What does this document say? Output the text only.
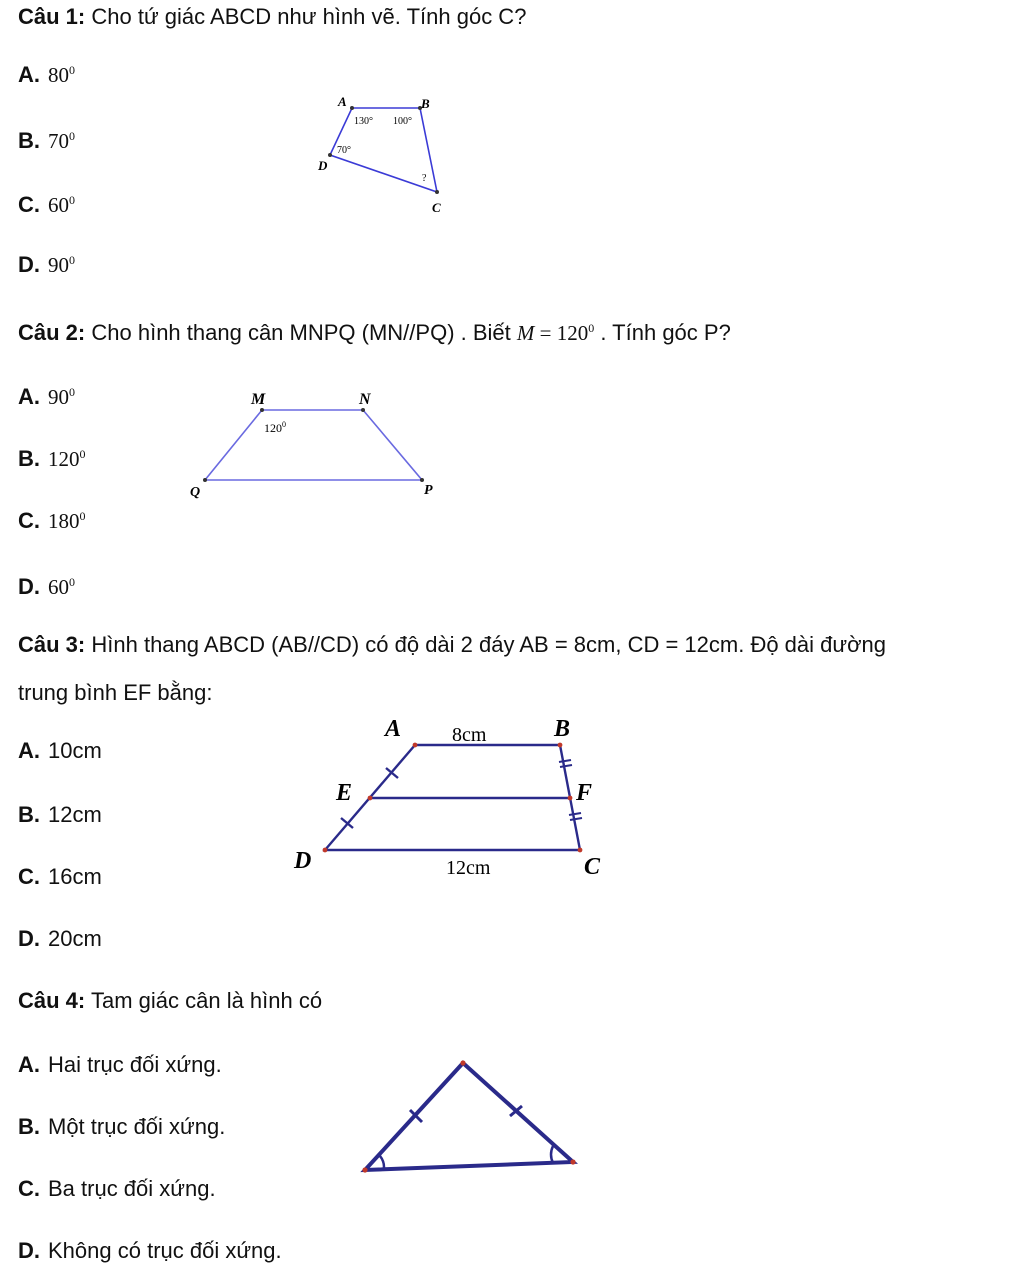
Câu 1: Cho tứ giác ABCD như hình vẽ. Tính góc C?
A. $80^0$
B. $70^0$
C. $60^0$
D. $90^0$
A	B
C
D
130° 100°
70°
?
Câu 2: Cho hình thang cân MNPQ (MN//PQ) . Biết $M = 120^0$ . Tính góc P?
A. $90^0$
B. $120^0$
C. $180^0$
D. $60^0$
M	N
P
Q
$120^0$
Câu 3: Hình thang ABCD (AB//CD) có độ dài 2 đáy AB = 8cm, CD = 12cm. Độ dài đường
trung bình EF bằng:
A. 10cm
B. 12cm
C. 16cm
D. 20cm
A	B
C
D
E	F
8cm
12cm
Câu 4: Tam giác cân là hình có
A. Hai trục đối xứng.
B. Một trục đối xứng.
C. Ba trục đối xứng.
D. Không có trục đối xứng.
